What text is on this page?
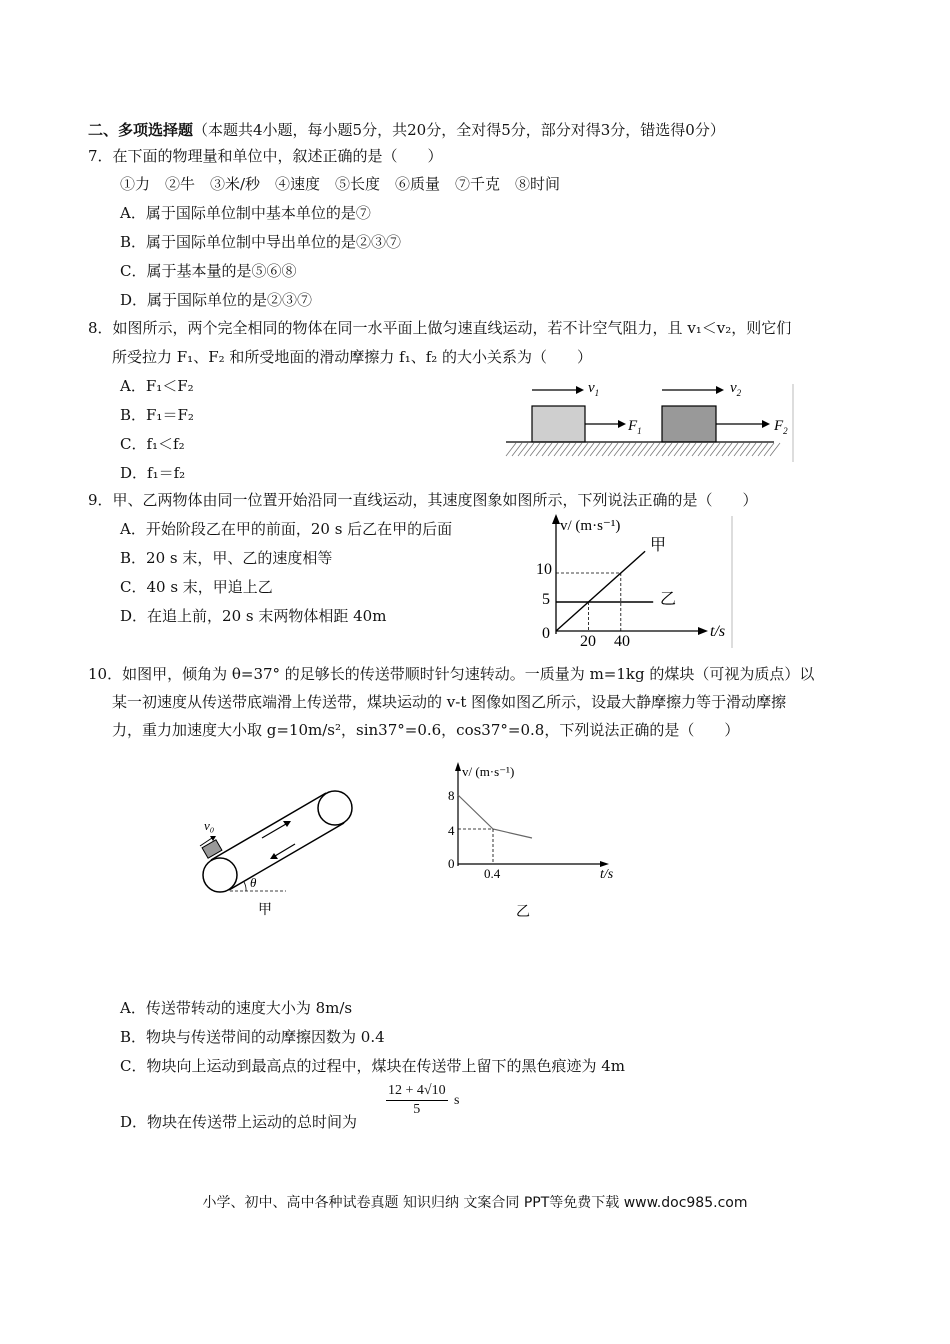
二、多项选择题（本题共4小题，每小题5分，共20分，全对得5分，部分对得3分，错选得0分）
7．在下面的物理量和单位中，叙述正确的是（　　）
①力　②牛　③米/秒　④速度　⑤长度　⑥质量　⑦千克　⑧时间
A．属于国际单位制中基本单位的是⑦
B．属于国际单位制中导出单位的是②③⑦
C．属于基本量的是⑤⑥⑧
D．属于国际单位的是②③⑦
8．如图所示，两个完全相同的物体在同一水平面上做匀速直线运动，若不计空气阻力，且 v₁＜v₂，则它们
所受拉力 F₁、F₂ 和所受地面的滑动摩擦力 f₁、f₂ 的大小关系为（　　）
A．F₁＜F₂
B．F₁＝F₂
C．f₁＜f₂
D．f₁＝f₂
$v_1$	$v_2$
$F_1$	$F_2$
9．甲、乙两物体由同一位置开始沿同一直线运动，其速度图象如图所示，下列说法正确的是（　　）
A．开始阶段乙在甲的前面，20 s 后乙在甲的后面
B．20 s 末，甲、乙的速度相等
C．40 s 末，甲追上乙
D．在追上前，20 s 末两物体相距 40m
v/ (m·s⁻¹)
t/s
10
5
0 20 40
甲
乙
10．如图甲，倾角为 θ=37° 的足够长的传送带顺时针匀速转动。一质量为 m=1kg 的煤块（可视为质点）以
某一初速度从传送带底端滑上传送带，煤块运动的 v-t 图像如图乙所示，设最大静摩擦力等于滑动摩擦
力，重力加速度大小取 g=10m/s²，sin37°=0.6，cos37°=0.8，下列说法正确的是（　　）
v₀
θ
甲
v/ (m·s⁻¹)
t/s
8
4
0
0.4
乙
A．传送带转动的速度大小为 8m/s
B．物块与传送带间的动摩擦因数为 0.4
C．物块向上运动到最高点的过程中，煤块在传送带上留下的黑色痕迹为 4m
D．物块在传送带上运动的总时间为
$\frac{12 + 4√10}{5}$ s
小学、初中、高中各种试卷真题 知识归纳 文案合同 PPT等免费下载 www.doc985.com
